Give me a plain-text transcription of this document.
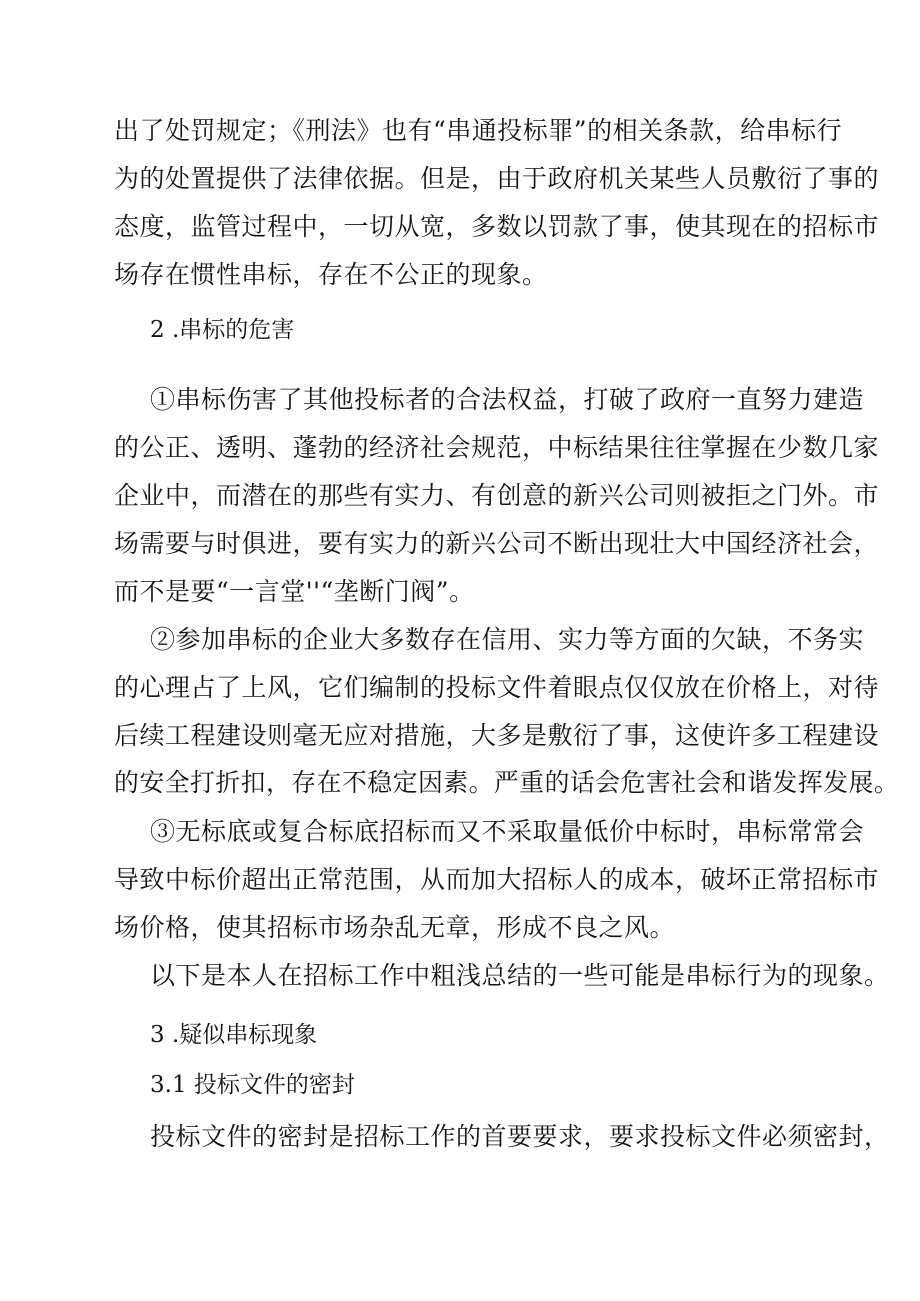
出了处罚规定；《刑法》也有“串通投标罪”的相关条款，给串标行
为的处置提供了法律依据。但是，由于政府机关某些人员敷衍了事的
态度，监管过程中，一切从宽，多数以罚款了事，使其现在的招标市
场存在惯性串标，存在不公正的现象。
2 .串标的危害
①串标伤害了其他投标者的合法权益，打破了政府一直努力建造
的公正、透明、蓬勃的经济社会规范，中标结果往往掌握在少数几家
企业中，而潜在的那些有实力、有创意的新兴公司则被拒之门外。市
场需要与时俱进，要有实力的新兴公司不断出现壮大中国经济社会，
而不是要“一言堂''“垄断门阀”。
②参加串标的企业大多数存在信用、实力等方面的欠缺，不务实
的心理占了上风，它们编制的投标文件着眼点仅仅放在价格上，对待
后续工程建设则毫无应对措施，大多是敷衍了事，这使许多工程建设
的安全打折扣，存在不稳定因素。严重的话会危害社会和谐发挥发展。
③无标底或复合标底招标而又不采取量低价中标时，串标常常会
导致中标价超出正常范围，从而加大招标人的成本，破坏正常招标市
场价格，使其招标市场杂乱无章，形成不良之风。
以下是本人在招标工作中粗浅总结的一些可能是串标行为的现象。
3 .疑似串标现象
3.1 投标文件的密封
投标文件的密封是招标工作的首要要求，要求投标文件必须密封，
